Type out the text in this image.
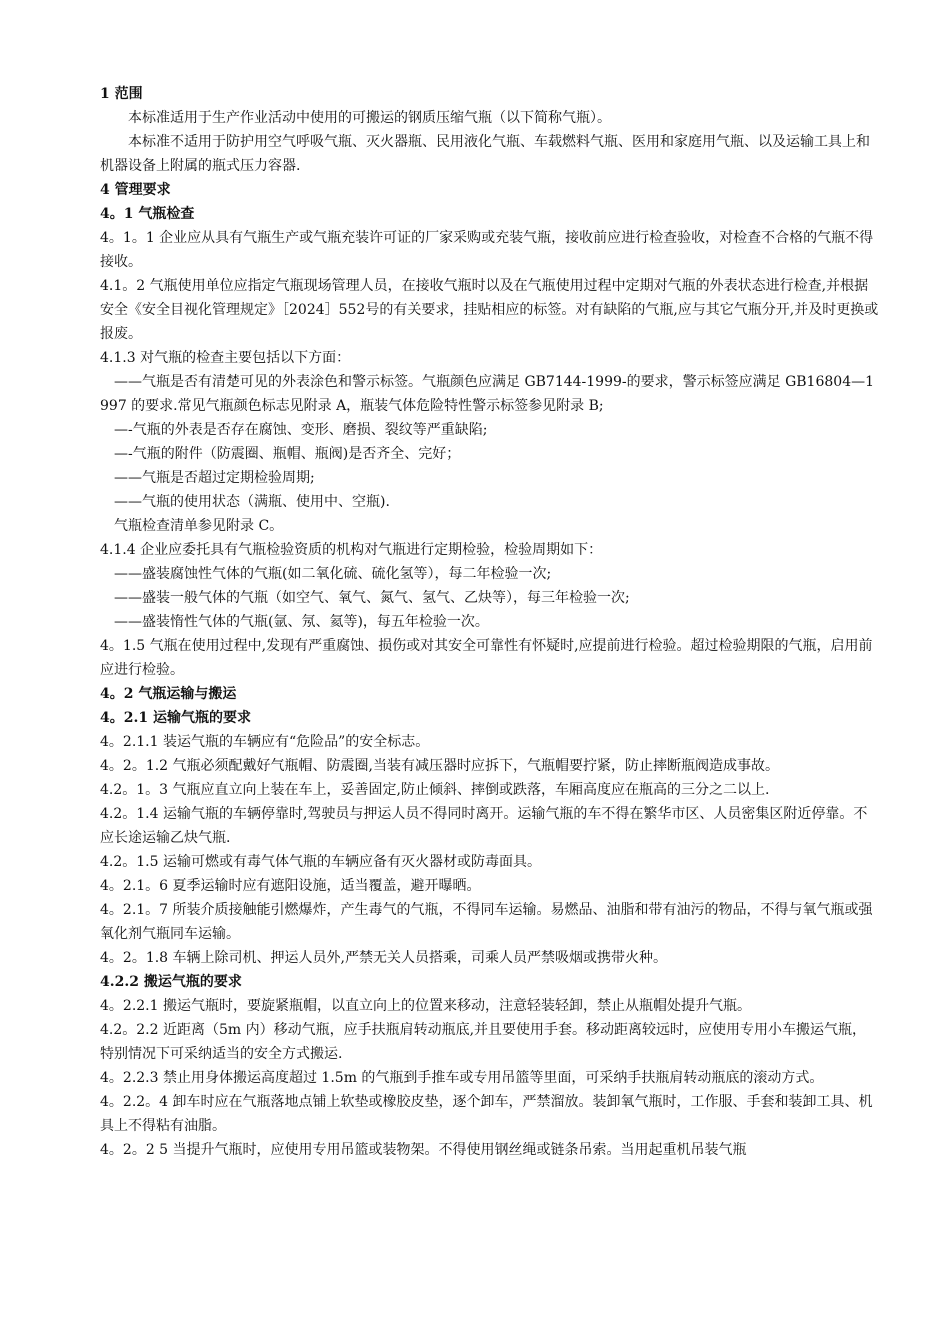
1 范围

本标准适用于生产作业活动中使用的可搬运的钢质压缩气瓶（以下简称气瓶）。

本标准不适用于防护用空气呼吸气瓶、灭火器瓶、民用液化气瓶、车载燃料气瓶、医用和家庭用气瓶、以及运输工具上和机器设备上附属的瓶式压力容器.

4 管理要求

4。1 气瓶检查

4。1。1 企业应从具有气瓶生产或气瓶充装许可证的厂家采购或充装气瓶，接收前应进行检查验收，对检查不合格的气瓶不得接收。

4.1。2 气瓶使用单位应指定气瓶现场管理人员，在接收气瓶时以及在气瓶使用过程中定期对气瓶的外表状态进行检查,并根据安全《安全目视化管理规定》［2024］552号的有关要求，挂贴相应的标签。对有缺陷的气瓶,应与其它气瓶分开,并及时更换或报废。

4.1.3 对气瓶的检查主要包括以下方面：

——气瓶是否有清楚可见的外表涂色和警示标签。气瓶颜色应满足 GB7144-1999-的要求，警示标签应满足 GB16804—1997 的要求.常见气瓶颜色标志见附录 A，瓶装气体危险特性警示标签参见附录 B;

—-气瓶的外表是否存在腐蚀、变形、磨损、裂纹等严重缺陷;

—-气瓶的附件（防震圈、瓶帽、瓶阀)是否齐全、完好；

——气瓶是否超过定期检验周期;

——气瓶的使用状态（满瓶、使用中、空瓶).

气瓶检查清单参见附录 C。

4.1.4 企业应委托具有气瓶检验资质的机构对气瓶进行定期检验，检验周期如下：

——盛装腐蚀性气体的气瓶(如二氧化硫、硫化氢等），每二年检验一次;

——盛装一般气体的气瓶（如空气、氧气、氮气、氢气、乙炔等），每三年检验一次;

——盛装惰性气体的气瓶(氩、氖、氦等)，每五年检验一次。

4。1.5 气瓶在使用过程中,发现有严重腐蚀、损伤或对其安全可靠性有怀疑时,应提前进行检验。超过检验期限的气瓶，启用前应进行检验。

4。2 气瓶运输与搬运

4。2.1 运输气瓶的要求

4。2.1.1 装运气瓶的车辆应有“危险品”的安全标志。

4。2。1.2 气瓶必须配戴好气瓶帽、防震圈,当装有减压器时应拆下，气瓶帽要拧紧，防止摔断瓶阀造成事故。

4.2。1。3 气瓶应直立向上装在车上，妥善固定,防止倾斜、摔倒或跌落，车厢高度应在瓶高的三分之二以上.

4.2。1.4 运输气瓶的车辆停靠时,驾驶员与押运人员不得同时离开。运输气瓶的车不得在繁华市区、人员密集区附近停靠。不应长途运输乙炔气瓶.

4.2。1.5 运输可燃或有毒气体气瓶的车辆应备有灭火器材或防毒面具。

4。2.1。6 夏季运输时应有遮阳设施，适当覆盖，避开曝晒。

4。2.1。7 所装介质接触能引燃爆炸，产生毒气的气瓶，不得同车运输。易燃品、油脂和带有油污的物品，不得与氧气瓶或强氧化剂气瓶同车运输。

4。2。1.8 车辆上除司机、押运人员外,严禁无关人员搭乘，司乘人员严禁吸烟或携带火种。

4.2.2 搬运气瓶的要求

4。2.2.1 搬运气瓶时，要旋紧瓶帽，以直立向上的位置来移动，注意轻装轻卸，禁止从瓶帽处提升气瓶。

4.2。2.2 近距离（5m 内）移动气瓶，应手扶瓶肩转动瓶底,并且要使用手套。移动距离较远时，应使用专用小车搬运气瓶，特别情况下可采纳适当的安全方式搬运.

4。2.2.3 禁止用身体搬运高度超过 1.5m 的气瓶到手推车或专用吊篮等里面，可采纳手扶瓶肩转动瓶底的滚动方式。

4。2.2。4 卸车时应在气瓶落地点铺上软垫或橡胶皮垫，逐个卸车，严禁溜放。装卸氧气瓶时，工作服、手套和装卸工具、机具上不得粘有油脂。

4。2。2 5 当提升气瓶时，应使用专用吊篮或装物架。不得使用钢丝绳或链条吊索。当用起重机吊装气瓶
